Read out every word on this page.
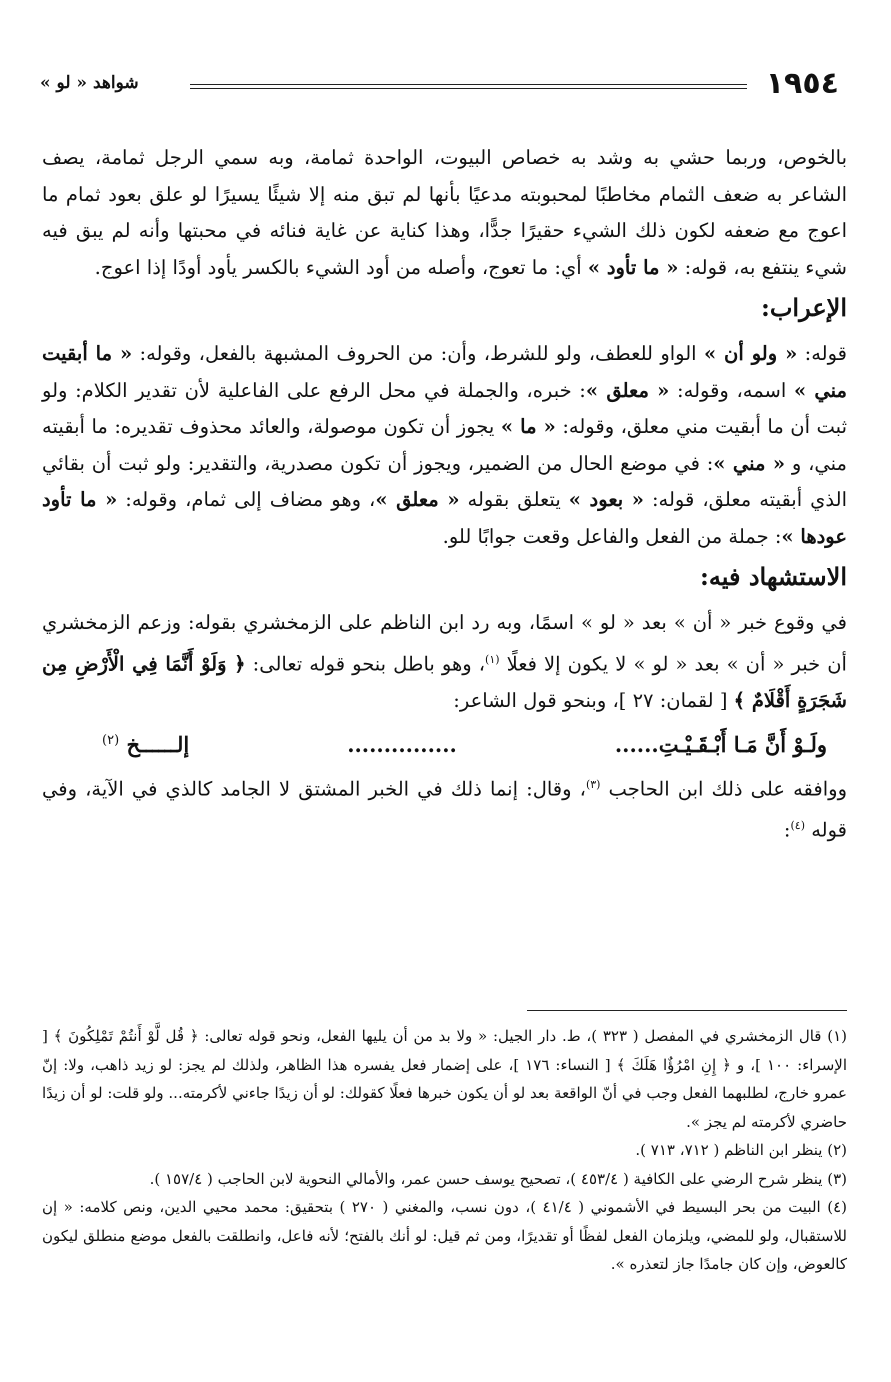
١٩٥٤
شواهد « لو »

بالخوص، وربما حشي به وشد به خصاص البيوت، الواحدة ثمامة، وبه سمي الرجل ثمامة، يصف الشاعر به ضعف الثمام مخاطبًا لمحبوبته مدعيًا بأنها لم تبق منه إلا شيئًا يسيرًا لو علق بعود ثمام ما اعوج مع ضعفه لكون ذلك الشيء حقيرًا جدًّا، وهذا كناية عن غاية فنائه في محبتها وأنه لم يبق فيه شيء ينتفع به، قوله: « ما تأود » أي: ما تعوج، وأصله من أود الشيء بالكسر يأود أودًا إذا اعوج.

الإعراب:

قوله: « ولو أن » الواو للعطف، ولو للشرط، وأن: من الحروف المشبهة بالفعل، وقوله: « ما أبقيت مني » اسمه، وقوله: « معلق »: خبره، والجملة في محل الرفع على الفاعلية لأن تقدير الكلام: ولو ثبت أن ما أبقيت مني معلق، وقوله: « ما » يجوز أن تكون موصولة، والعائد محذوف تقديره: ما أبقيته مني، و « مني »: في موضع الحال من الضمير، ويجوز أن تكون مصدرية، والتقدير: ولو ثبت أن بقائي الذي أبقيته معلق، قوله: « بعود » يتعلق بقوله « معلق »، وهو مضاف إلى ثمام، وقوله: « ما تأود عودها »: جملة من الفعل والفاعل وقعت جوابًا للو.

الاستشهاد فيه:

في وقوع خبر « أن » بعد « لو » اسمًا، وبه رد ابن الناظم على الزمخشري بقوله: وزعم الزمخشري أن خبر « أن » بعد « لو » لا يكون إلا فعلًا $^{(١)}$، وهو باطل بنحو قوله تعالى: ﴿ وَلَوْ أَنَّمَا فِي الْأَرْضِ مِن شَجَرَةٍ أَقْلَامٌ ﴾ [ لقمان: ٢٧ ]، وبنحو قول الشاعر:

ولَـوْ أَنَّ مَـا أَبْـقَـيْـتِ......
...............
إلــــــخ $^{(٢)}$

ووافقه على ذلك ابن الحاجب $^{(٣)}$، وقال: إنما ذلك في الخبر المشتق لا الجامد كالذي في الآية، وفي قوله $^{(٤)}$:

(١) قال الزمخشري في المفصل ( ٣٢٣ )، ط. دار الجيل: « ولا بد من أن يليها الفعل، ونحو قوله تعالى: ﴿ قُل لَّوْ أَنتُمْ تَمْلِكُونَ ﴾ [ الإسراء: ١٠٠ ]، و ﴿ إِنِ امْرُؤٌا هَلَكَ ﴾ [ النساء: ١٧٦ ]، على إضمار فعل يفسره هذا الظاهر، ولذلك لم يجز: لو زيد ذاهب، ولا: إنّ عمرو خارج، لطلبهما الفعل وجب في أنّ الواقعة بعد لو أن يكون خبرها فعلًا كقولك: لو أن زيدًا جاءني لأكرمته... ولو قلت: لو أن زيدًا حاضري لأكرمته لم يجز ».

(٢) ينظر ابن الناظم ( ٧١٢، ٧١٣ ).

(٣) ينظر شرح الرضي على الكافية ( ٤٥٣/٤ )، تصحيح يوسف حسن عمر، والأمالي النحوية لابن الحاجب ( ١٥٧/٤ ).

(٤) البيت من بحر البسيط في الأشموني ( ٤١/٤ )، دون نسب، والمغني ( ٢٧٠ ) بتحقيق: محمد محيي الدين، ونص كلامه: « إن للاستقبال، ولو للمضي، ويلزمان الفعل لفظًا أو تقديرًا، ومن ثم قيل: لو أنك بالفتح؛ لأنه فاعل، وانطلقت بالفعل موضع منطلق ليكون كالعوض، وإن كان جامدًا جاز لتعذره ».
